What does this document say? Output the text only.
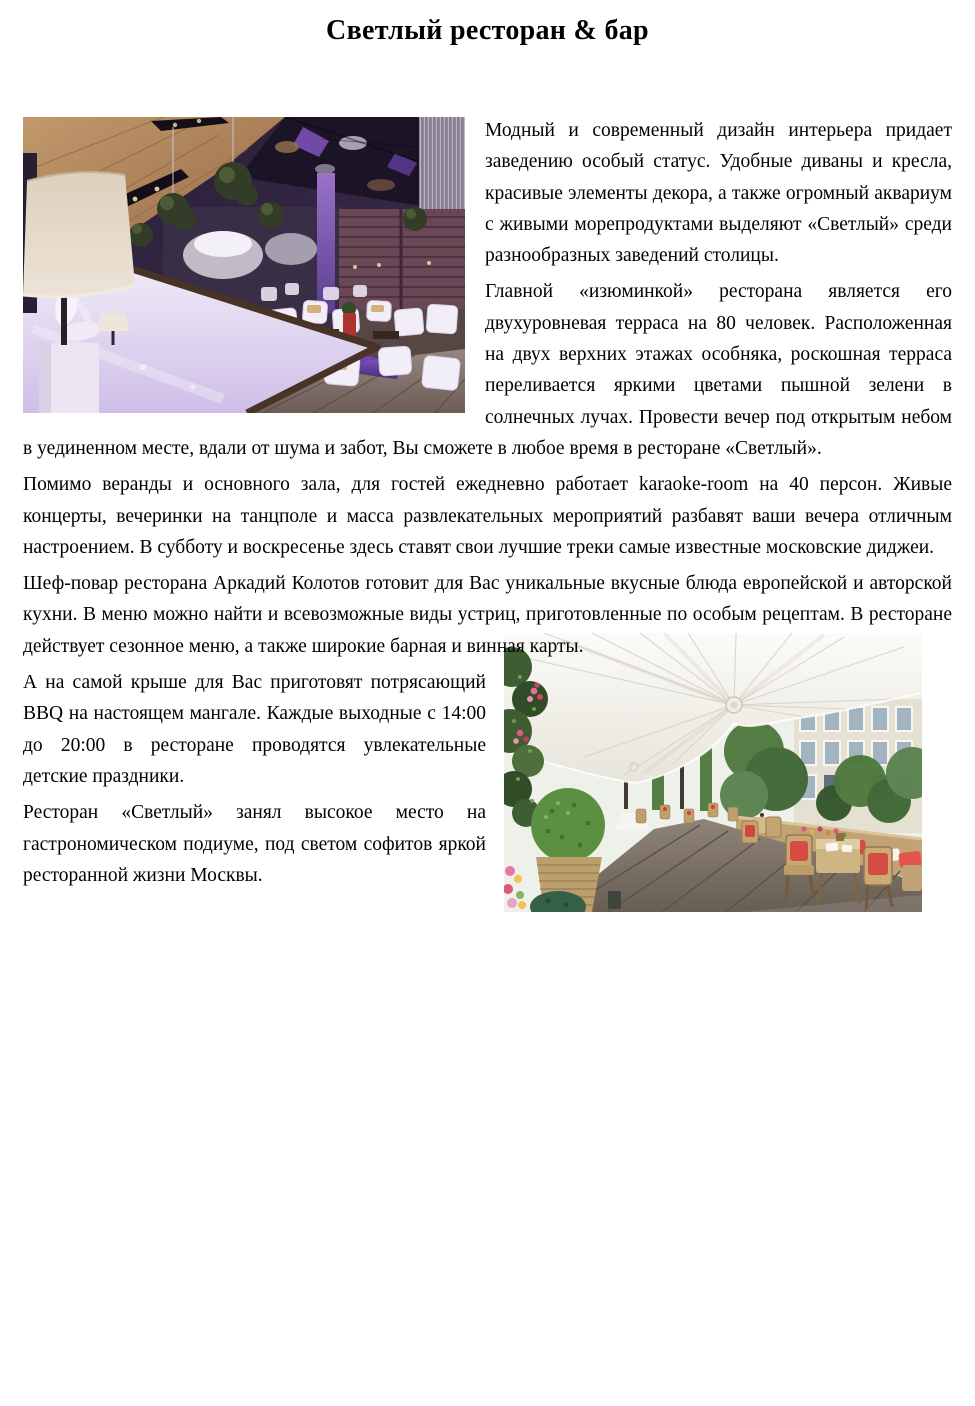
Светлый ресторан & бар

Модный и современный дизайн интерьера придает заведению особый статус. Удобные диваны и кресла, красивые элементы декора, а также огромный аквариум с живыми морепродуктами выделяют «Светлый» среди разнообразных заведений столицы.

Главной «изюминкой» ресторана является его двухуровневая терраса на 80 человек. Расположенная на двух верхних этажах особняка, роскошная терраса переливается яркими цветами пышной зелени в солнечных лучах. Провести вечер под открытым небом в уединенном месте, вдали от шума и забот, Вы сможете в любое время в ресторане «Светлый».

Помимо веранды и основного зала, для гостей ежедневно работает karaoke-room на 40 персон. Живые концерты, вечеринки на танцполе и масса развлекательных мероприятий разбавят ваши вечера отличным настроением. В субботу и воскресенье здесь ставят свои лучшие треки самые известные московские диджеи.

Шеф-повар ресторана Аркадий Колотов готовит для Вас уникальные вкусные блюда европейской и авторской кухни. В меню можно найти и всевозможные виды устриц, приготовленные по особым рецептам. В ресторане действует сезонное меню, а также широкие барная и винная карты.

А на самой крыше для Вас приготовят потрясающий BBQ на настоящем мангале. Каждые выходные с 14:00 до 20:00 в ресторане проводятся увлекательные детские праздники.

Ресторан «Светлый» занял высокое место на гастрономическом подиуме, под светом софитов яркой ресторанной жизни Москвы.
